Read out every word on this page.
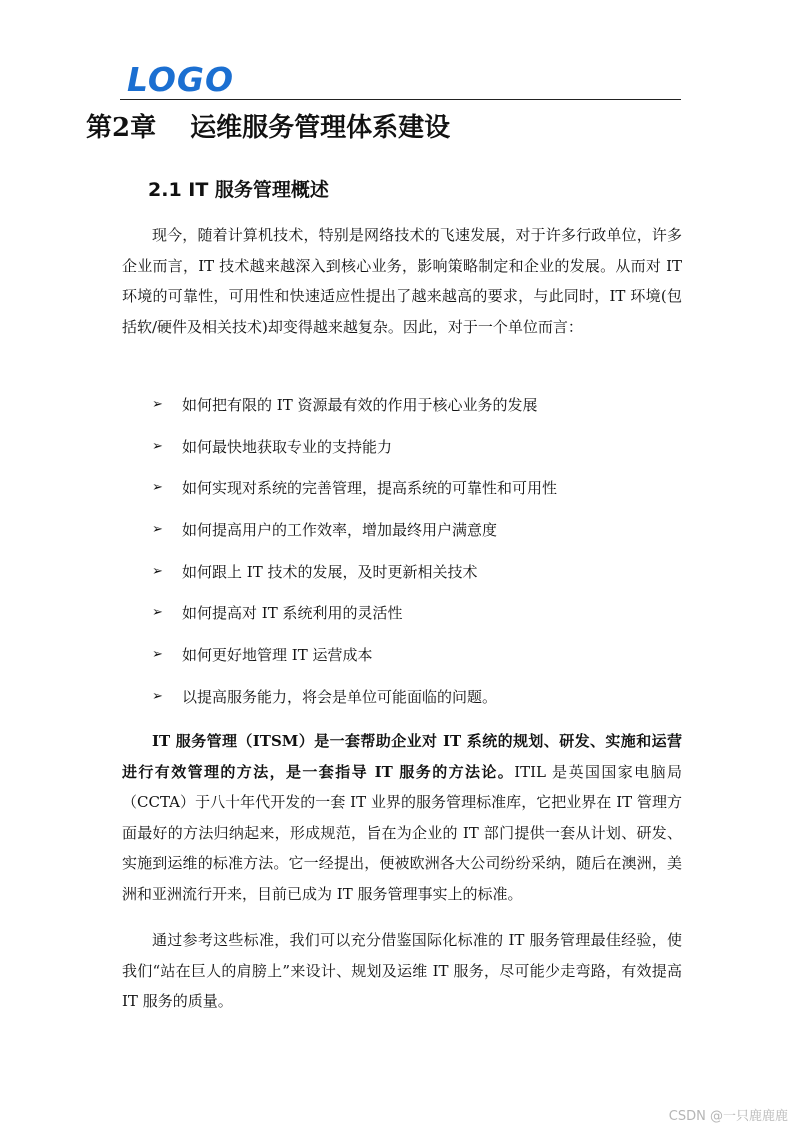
LOGO
第2章 运维服务管理体系建设
2.1 IT 服务管理概述

现今，随着计算机技术，特别是网络技术的飞速发展，对于许多行政单位，许多企业而言，IT 技术越来越深入到核心业务，影响策略制定和企业的发展。从而对 IT 环境的可靠性，可用性和快速适应性提出了越来越高的要求，与此同时，IT 环境(包括软/硬件及相关技术)却变得越来越复杂。因此，对于一个单位而言：

➢	如何把有限的 IT 资源最有效的作用于核心业务的发展
➢	如何最快地获取专业的支持能力
➢	如何实现对系统的完善管理，提高系统的可靠性和可用性
➢	如何提高用户的工作效率，增加最终用户满意度
➢	如何跟上 IT 技术的发展，及时更新相关技术
➢	如何提高对 IT 系统利用的灵活性
➢	如何更好地管理 IT 运营成本
➢	以提高服务能力，将会是单位可能面临的问题。

IT 服务管理（ITSM）是一套帮助企业对 IT 系统的规划、研发、实施和运营进行有效管理的方法，是一套指导 IT 服务的方法论。ITIL 是英国国家电脑局（CCTA）于八十年代开发的一套 IT 业界的服务管理标准库，它把业界在 IT 管理方面最好的方法归纳起来，形成规范，旨在为企业的 IT 部门提供一套从计划、研发、实施到运维的标准方法。它一经提出，便被欧洲各大公司纷纷采纳，随后在澳洲，美洲和亚洲流行开来，目前已成为 IT 服务管理事实上的标准。

通过参考这些标准，我们可以充分借鉴国际化标准的 IT 服务管理最佳经验，使我们“站在巨人的肩膀上”来设计、规划及运维 IT 服务，尽可能少走弯路，有效提高 IT 服务的质量。

CSDN @一只鹿鹿鹿
